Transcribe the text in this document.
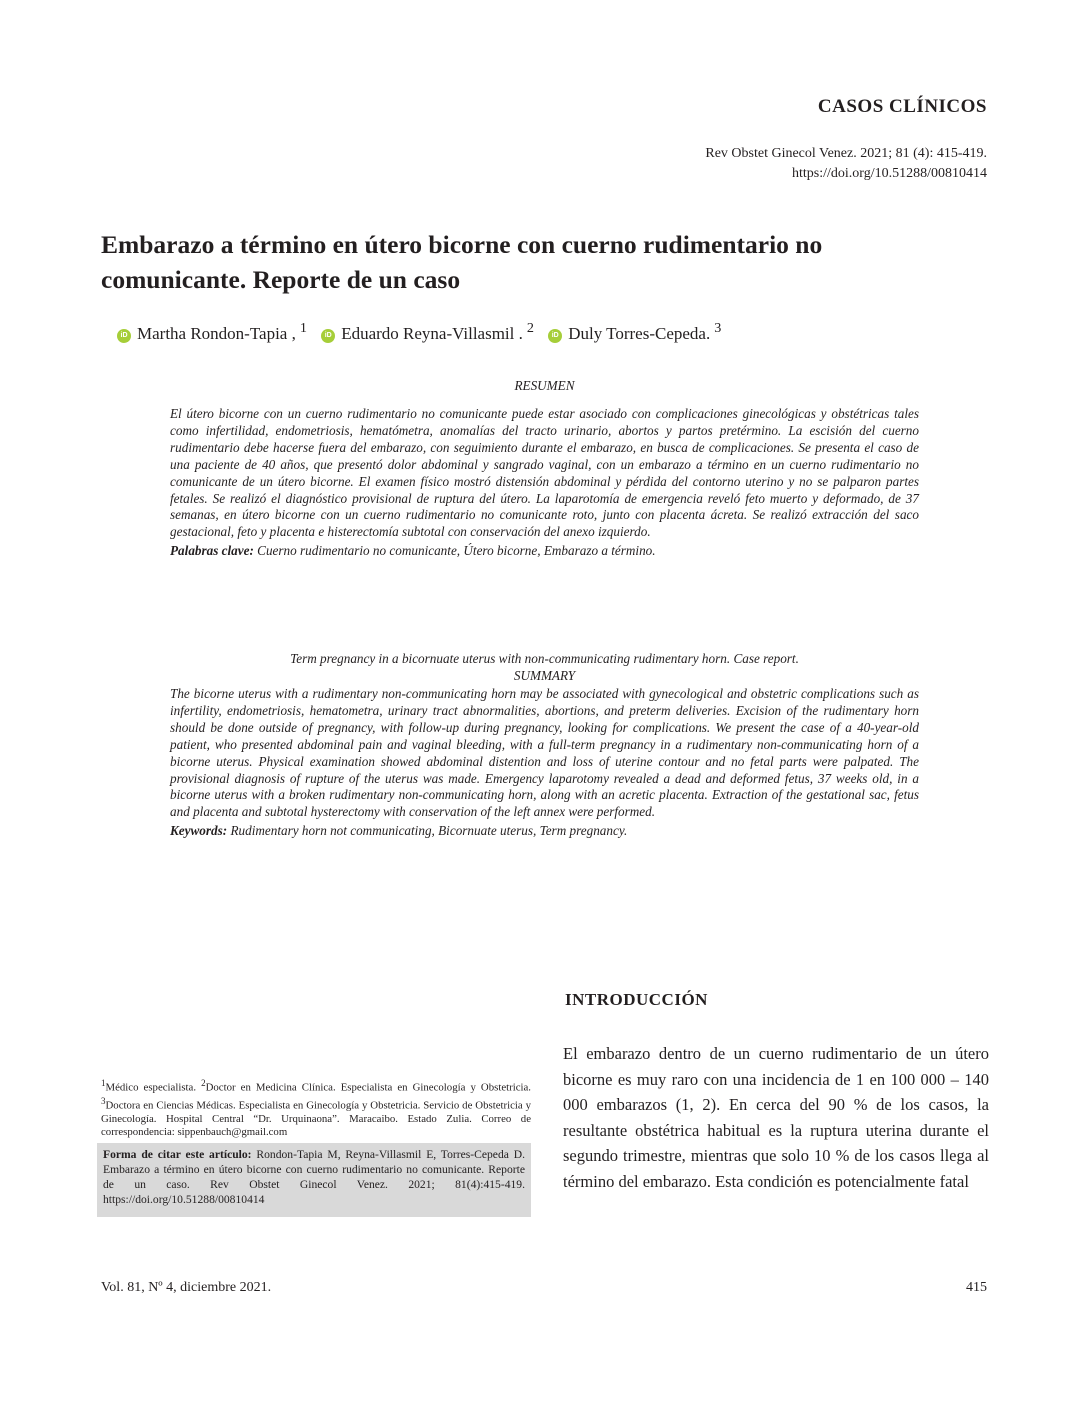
CASOS CLÍNICOS
Rev Obstet Ginecol Venez. 2021; 81 (4): 415-419.
https://doi.org/10.51288/00810414
Embarazo a término en útero bicorne con cuerno rudimentario no comunicante. Reporte de un caso
iD Martha Rondon-Tapia , $^1$	iD Eduardo Reyna-Villasmil . $^2$	iD Duly Torres-Cepeda. $^3$
RESUMEN

El útero bicorne con un cuerno rudimentario no comunicante puede estar asociado con complicaciones ginecológicas y obstétricas tales como infertilidad, endometriosis, hematómetra, anomalías del tracto urinario, abortos y partos pretérmino. La escisión del cuerno rudimentario debe hacerse fuera del embarazo, con seguimiento durante el embarazo, en busca de complicaciones. Se presenta el caso de una paciente de 40 años, que presentó dolor abdominal y sangrado vaginal, con un embarazo a término en un cuerno rudimentario no comunicante de un útero bicorne. El examen físico mostró distensión abdominal y pérdida del contorno uterino y no se palparon partes fetales. Se realizó el diagnóstico provisional de ruptura del útero. La laparotomía de emergencia reveló feto muerto y deformado, de 37 semanas, en útero bicorne con un cuerno rudimentario no comunicante roto, junto con placenta ácreta. Se realizó extracción del saco gestacional, feto y placenta e histerectomía subtotal con conservación del anexo izquierdo.

Palabras clave: Cuerno rudimentario no comunicante, Útero bicorne, Embarazo a término.

Term pregnancy in a bicornuate uterus with non-communicating rudimentary horn. Case report.
SUMMARY

The bicorne uterus with a rudimentary non-communicating horn may be associated with gynecological and obstetric complications such as infertility, endometriosis, hematometra, urinary tract abnormalities, abortions, and preterm deliveries. Excision of the rudimentary horn should be done outside of pregnancy, with follow-up during pregnancy, looking for complications. We present the case of a 40-year-old patient, who presented abdominal pain and vaginal bleeding, with a full-term pregnancy in a rudimentary non-communicating horn of a bicorne uterus. Physical examination showed abdominal distention and loss of uterine contour and no fetal parts were palpated. The provisional diagnosis of rupture of the uterus was made. Emergency laparotomy revealed a dead and deformed fetus, 37 weeks old, in a bicorne uterus with a broken rudimentary non-communicating horn, along with an acretic placenta. Extraction of the gestational sac, fetus and placenta and subtotal hysterectomy with conservation of the left annex were performed.

Keywords: Rudimentary horn not communicating, Bicornuate uterus, Term pregnancy.

INTRODUCCIÓN

El embarazo dentro de un cuerno rudimentario de un útero bicorne es muy raro con una incidencia de 1 en 100 000 – 140 000 embarazos (1, 2). En cerca del 90 % de los casos, la resultante obstétrica habitual es la ruptura uterina durante el segundo trimestre, mientras que solo 10 % de los casos llega al término del embarazo. Esta condición es potencialmente fatal

$^1$Médico especialista. $^2$Doctor en Medicina Clínica. Especialista en Ginecología y Obstetricia. $^3$Doctora en Ciencias Médicas. Especialista en Ginecología y Obstetricia. Servicio de Obstetricia y Ginecología. Hospital Central “Dr. Urquinaona”. Maracaibo. Estado Zulia. Correo de correspondencia: sippenbauch@gmail.com

Forma de citar este artículo: Rondon-Tapia M, Reyna-Villasmil E, Torres-Cepeda D. Embarazo a término en útero bicorne con cuerno rudimentario no comunicante. Reporte de un caso. Rev Obstet Ginecol Venez. 2021; 81(4):415-419. https://doi.org/10.51288/00810414
Vol. 81, Nº 4, diciembre 2021.	415
